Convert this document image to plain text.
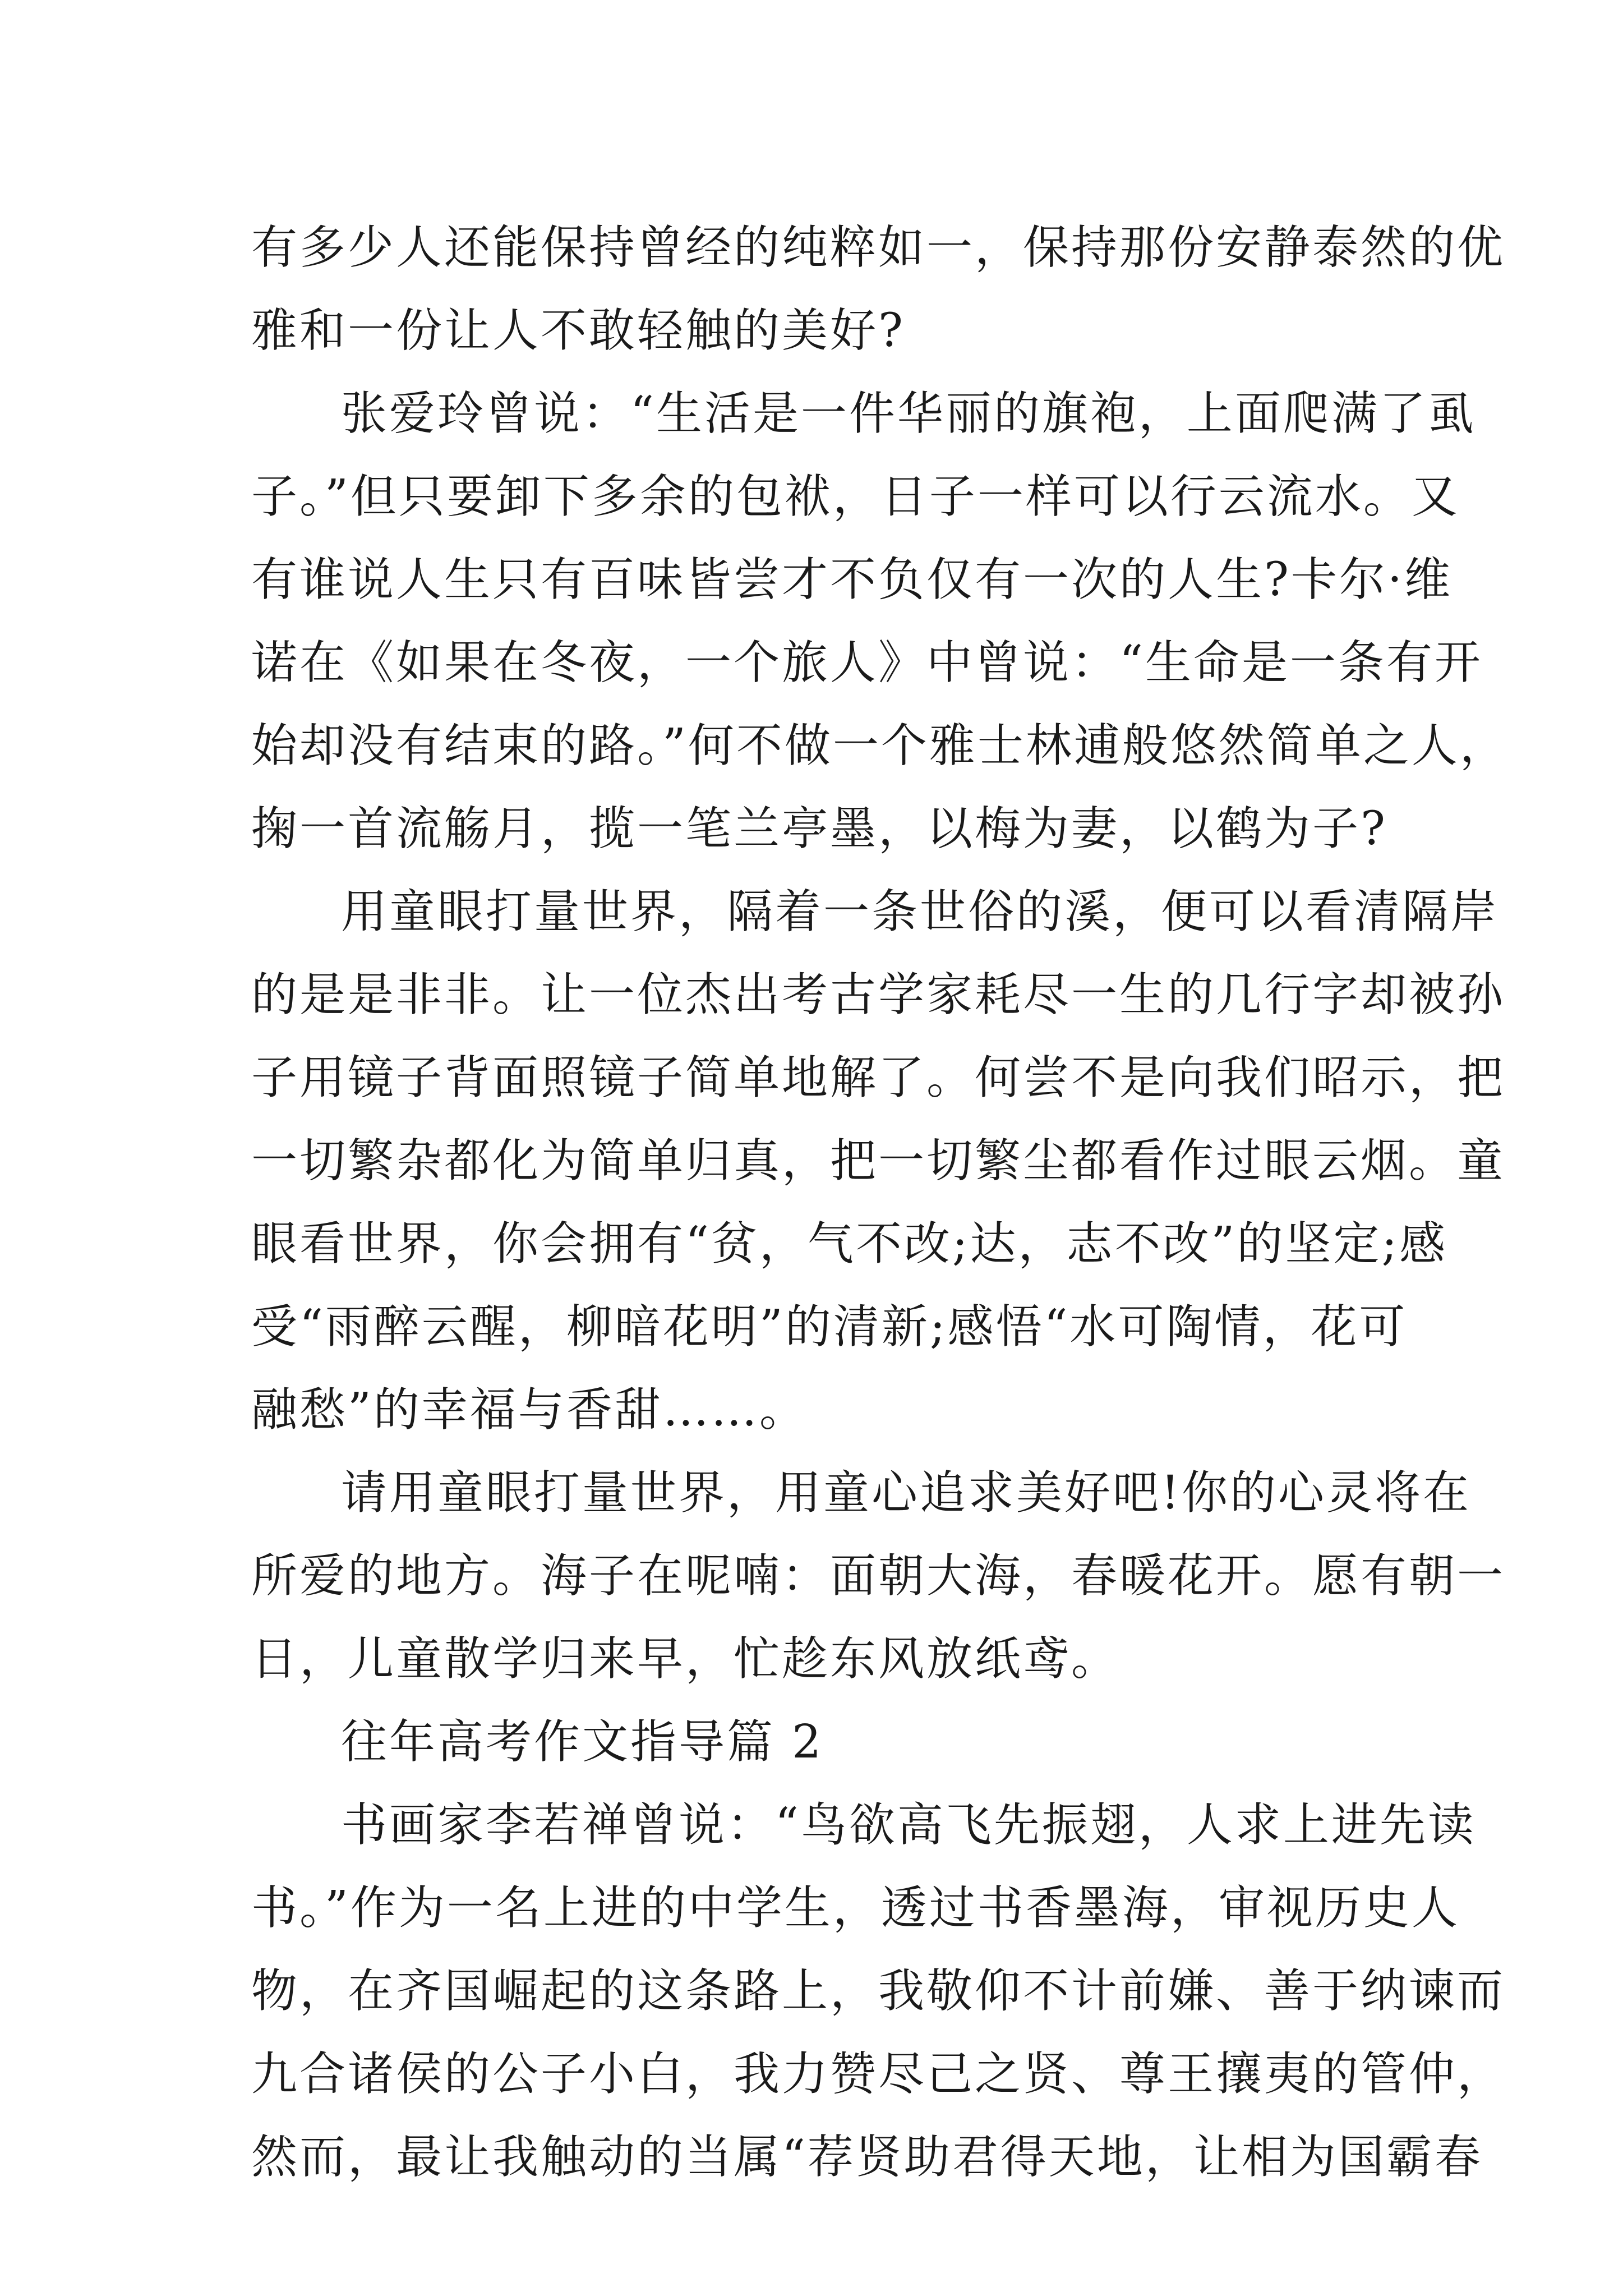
有多少人还能保持曾经的纯粹如一，保持那份安静泰然的优
雅和一份让人不敢轻触的美好?
张爱玲曾说：“生活是一件华丽的旗袍，上面爬满了虱
子。”但只要卸下多余的包袱，日子一样可以行云流水。又
有谁说人生只有百味皆尝才不负仅有一次的人生?卡尔·维
诺在《如果在冬夜，一个旅人》中曾说：“生命是一条有开
始却没有结束的路。”何不做一个雅士林逋般悠然简单之人，
掬一首流觞月，揽一笔兰亭墨，以梅为妻，以鹤为子?
用童眼打量世界，隔着一条世俗的溪，便可以看清隔岸
的是是非非。让一位杰出考古学家耗尽一生的几行字却被孙
子用镜子背面照镜子简单地解了。何尝不是向我们昭示，把
一切繁杂都化为简单归真，把一切繁尘都看作过眼云烟。童
眼看世界，你会拥有“贫，气不改;达，志不改”的坚定;感
受“雨醉云醒，柳暗花明”的清新;感悟“水可陶情，花可
融愁”的幸福与香甜……。
请用童眼打量世界，用童心追求美好吧!你的心灵将在
所爱的地方。海子在呢喃：面朝大海，春暖花开。愿有朝一
日，儿童散学归来早，忙趁东风放纸鸢。
往年高考作文指导篇 2
书画家李若禅曾说：“鸟欲高飞先振翅，人求上进先读
书。”作为一名上进的中学生，透过书香墨海，审视历史人
物，在齐国崛起的这条路上，我敬仰不计前嫌、善于纳谏而
九合诸侯的公子小白，我力赞尽己之贤、尊王攘夷的管仲，
然而，最让我触动的当属“荐贤助君得天地，让相为国霸春
